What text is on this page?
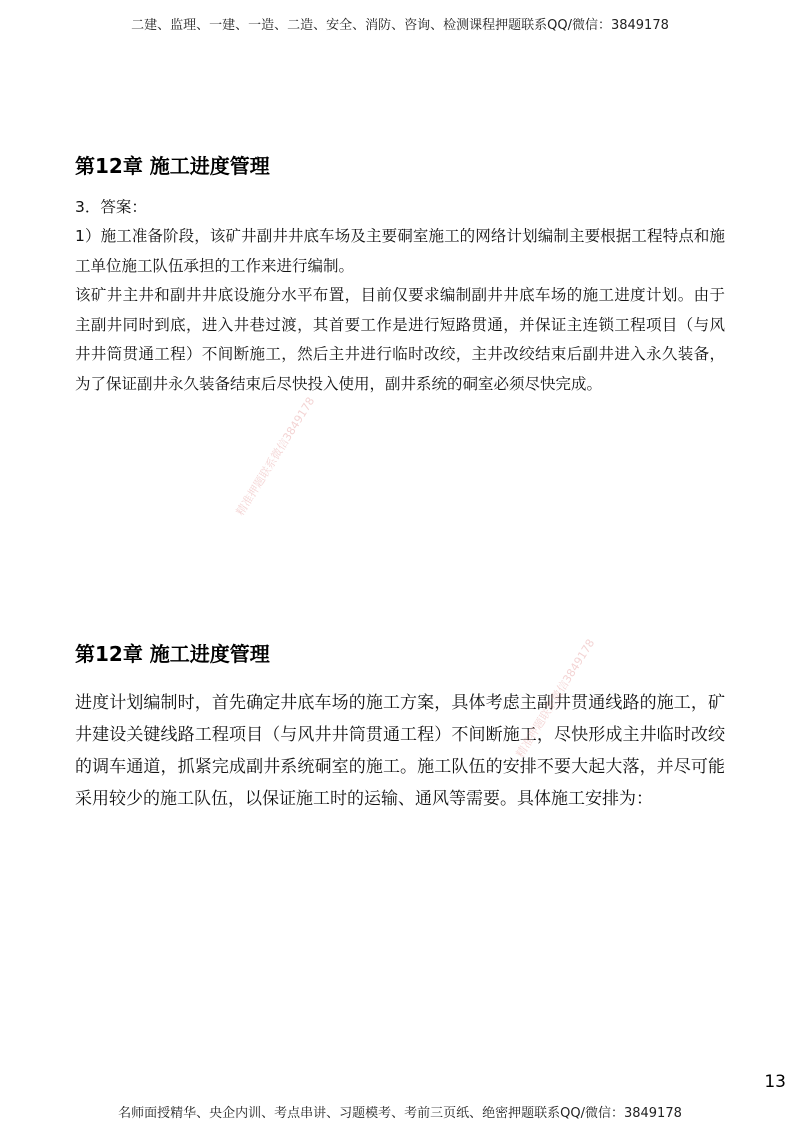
二建、监理、一建、一造、二造、安全、消防、咨询、检测课程押题联系QQ/微信：3849178
第12章 施工进度管理

3．答案：

1）施工准备阶段，该矿井副井井底车场及主要硐室施工的网络计划编制主要根据工程特点和施工单位施工队伍承担的工作来进行编制。

该矿井主井和副井井底设施分水平布置，目前仅要求编制副井井底车场的施工进度计划。由于主副井同时到底，进入井巷过渡，其首要工作是进行短路贯通，并保证主连锁工程项目（与风井井筒贯通工程）不间断施工，然后主井进行临时改绞，主井改绞结束后副井进入永久装备，为了保证副井永久装备结束后尽快投入使用，副井系统的硐室必须尽快完成。

第12章 施工进度管理

进度计划编制时，首先确定井底车场的施工方案，具体考虑主副井贯通线路的施工，矿井建设关键线路工程项目（与风井井筒贯通工程）不间断施工，尽快形成主井临时改绞的调车通道，抓紧完成副井系统硐室的施工。施工队伍的安排不要大起大落，并尽可能采用较少的施工队伍，以保证施工时的运输、通风等需要。具体施工安排为：

精准押题联系微信3849178
精准押题联系微信3849178
13
名师面授精华、央企内训、考点串讲、习题模考、考前三页纸、绝密押题联系QQ/微信：3849178
